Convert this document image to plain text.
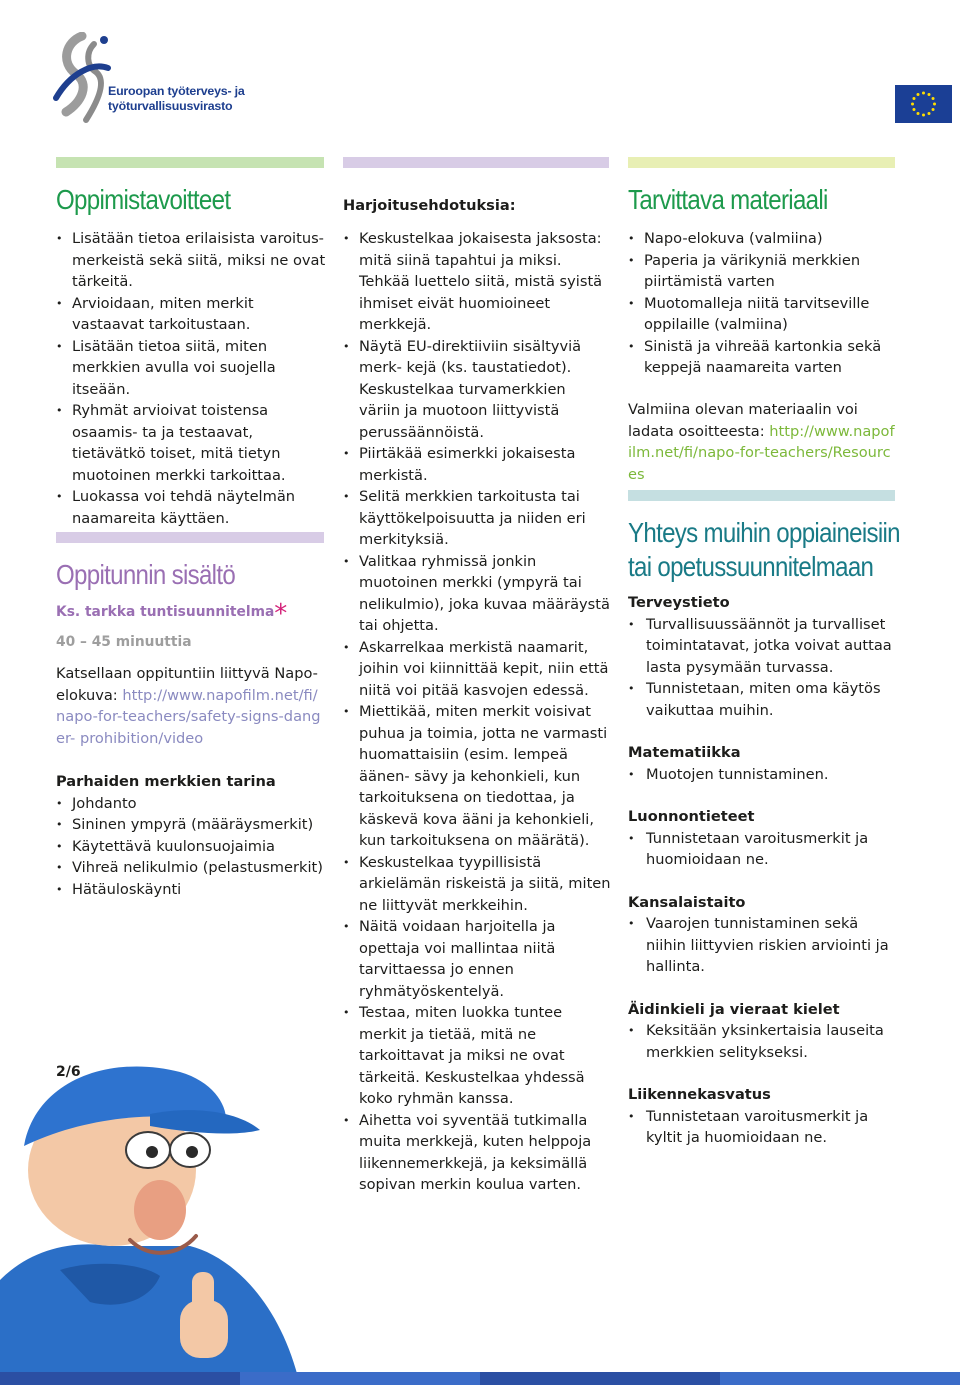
Euroopan työterveys- ja
työturvallisuusvirasto
Oppimistavoitteet
• Lisätään tietoa erilaisista varoitus- merkeistä sekä siitä, miksi ne ovat tärkeitä.
• Arvioidaan, miten merkit vastaavat tarkoitustaan.
• Lisätään tietoa siitä, miten merkkien avulla voi suojella itseään.
• Ryhmät arvioivat toistensa osaamis- ta ja testaavat, tietävätkö toiset, mitä tietyn muotoinen merkki tarkoittaa.
• Luokassa voi tehdä näytelmän naamareita käyttäen.
Oppitunnin sisältö

Ks. tarkka tuntisuunnitelma*

40 – 45 minuuttia

Katsellaan oppituntiin liittyvä Napo-elokuva: http://www.napofilm.net/fi/napo-for-teachers/safety-signs-danger- prohibition/video

Parhaiden merkkien tarina

• Johdanto
• Sininen ympyrä (määräysmerkit)
• Käytettävä kuulonsuojaimia
• Vihreä nelikulmio (pelastusmerkit)
• Hätäuloskäynti
2/6

Harjoitusehdotuksia:

• Keskustelkaa jokaisesta jaksosta: mitä siinä tapahtui ja miksi. Tehkää luettelo siitä, mistä syistä ihmiset eivät huomioineet merkkejä.
• Näytä EU-direktiiviin sisältyviä merk- kejä (ks. taustatiedot). Keskustelkaa turvamerkkien väriin ja muotoon liittyvistä perussäännöistä.
• Piirtäkää esimerkki jokaisesta merkistä.
• Selitä merkkien tarkoitusta tai käyttökelpoisuutta ja niiden eri merkityksiä.
• Valitkaa ryhmissä jonkin muotoinen merkki (ympyrä tai nelikulmio), joka kuvaa määräystä tai ohjetta.
• Askarrelkaa merkistä naamarit, joihin voi kiinnittää kepit, niin että niitä voi pitää kasvojen edessä.
• Miettikää, miten merkit voisivat puhua ja toimia, jotta ne varmasti huomattaisiin (esim. lempeä äänen- sävy ja kehonkieli, kun tarkoituksena on tiedottaa, ja käskevä kova ääni ja kehonkieli, kun tarkoituksena on määrätä).
• Keskustelkaa tyypillisistä arkielämän riskeistä ja siitä, miten ne liittyvät merkkeihin.
• Näitä voidaan harjoitella ja opettaja voi mallintaa niitä tarvittaessa jo ennen ryhmätyöskentelyä.
• Testaa, miten luokka tuntee merkit ja tietää, mitä ne tarkoittavat ja miksi ne ovat tärkeitä. Keskustelkaa yhdessä koko ryhmän kanssa.
• Aihetta voi syventää tutkimalla muita merkkejä, kuten helppoja liikennemerkkejä, ja keksimällä sopivan merkin koulua varten.
Tarvittava materiaali
• Napo-elokuva (valmiina)
• Paperia ja värikyniä merkkien piirtämistä varten
• Muotomalleja niitä tarvitseville oppilaille (valmiina)
• Sinistä ja vihreää kartonkia sekä keppejä naamareita varten

Valmiina olevan materiaalin voi ladata osoitteesta: http://www.napofilm.net/fi/napo-for-teachers/Resources

Yhteys muihin oppiaineisiin
tai opetussuunnitelmaan

Terveystieto

• Turvallisuussäännöt ja turvalliset toimintatavat, jotka voivat auttaa lasta pysymään turvassa.
• Tunnistetaan, miten oma käytös vaikuttaa muihin.

Matematiikka

• Muotojen tunnistaminen.

Luonnontieteet

• Tunnistetaan varoitusmerkit ja huomioidaan ne.

Kansalaistaito

• Vaarojen tunnistaminen sekä niihin liittyvien riskien arviointi ja hallinta.

Äidinkieli ja vieraat kielet

• Keksitään yksinkertaisia lauseita merkkien selitykseksi.

Liikennekasvatus

• Tunnistetaan varoitusmerkit ja kyltit ja huomioidaan ne.
